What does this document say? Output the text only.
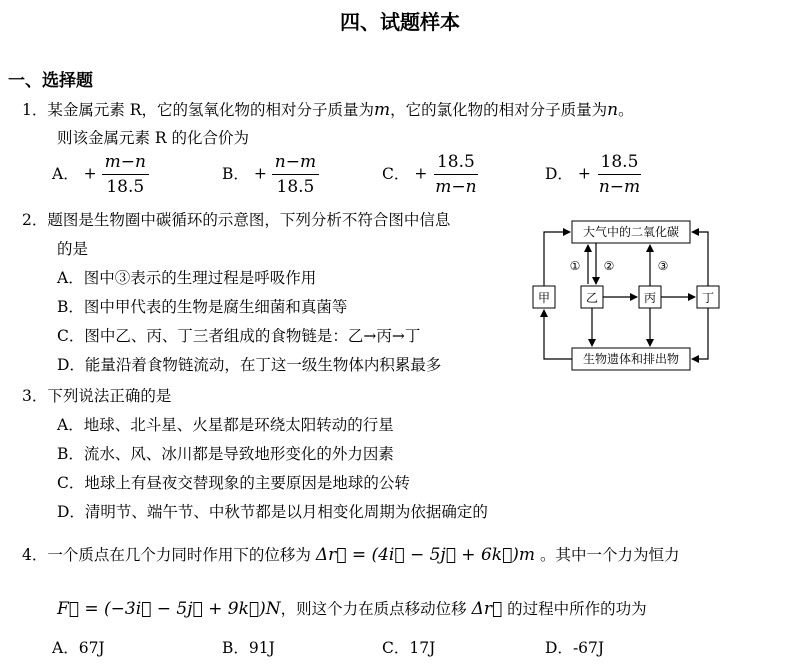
四、试题样本
一、选择题
1．某金属元素 R，它的氢氧化物的相对分子质量为m，它的氯化物的相对分子质量为n。
则该金属元素 R 的化合价为
A． + $\frac{m-n}{18.5}$	B． + $\frac{n-m}{18.5}$	C． + $\frac{18.5}{m-n}$	D． + $\frac{18.5}{n-m}$
2．题图是生物圈中碳循环的示意图，下列分析不符合图中信息
的是
A．图中③表示的生理过程是呼吸作用
B．图中甲代表的生物是腐生细菌和真菌等
C．图中乙、丙、丁三者组成的食物链是：乙→丙→丁
D．能量沿着食物链流动，在丁这一级生物体内积累最多
大气中的二氧化碳
生物遗体和排出物
甲	乙	丙	丁
① ②	③
3．下列说法正确的是
A．地球、北斗星、火星都是环绕太阳转动的行星
B．流水、风、冰川都是导致地形变化的外力因素
C．地球上有昼夜交替现象的主要原因是地球的公转
D．清明节、端午节、中秋节都是以月相变化周期为依据确定的
4．一个质点在几个力同时作用下的位移为 Δr⃗ = (4i⃗ − 5j⃗ + 6k⃗)m 。其中一个力为恒力
F⃗ = (−3i⃗ − 5j⃗ + 9k⃗)N，则这个力在质点移动位移 Δr⃗ 的过程中所作的功为
A．67J	B．91J	C．17J	D．-67J
